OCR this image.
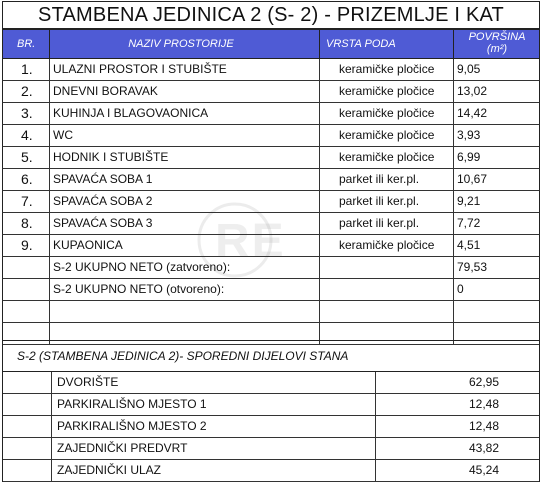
RE
STAMBENA JEDINICA 2 (S- 2) - PRIZEMLJE I KAT
BR.	NAZIV PROSTORIJE	VRSTA PODA
POVRŠINA
(m²)
1. ULAZNI PROSTOR I STUBIŠTE	keramičke pločice 9,05
2. DNEVNI BORAVAK	keramičke pločice 13,02
3. KUHINJA I BLAGOVAONICA	keramičke pločice 14,42
4. WC	keramičke pločice 3,93
5. HODNIK I STUBIŠTE	keramičke pločice 6,99
6. SPAVAĆA SOBA 1	parket ili ker.pl.	10,67
7. SPAVAĆA SOBA 2	parket ili ker.pl.	9,21
8. SPAVAĆA SOBA 3	parket ili ker.pl.	7,72
9. KUPAONICA	keramičke pločice 4,51
S-2 UKUPNO NETO (zatvoreno):	79,53
S-2 UKUPNO NETO (otvoreno):	0
S-2 (STAMBENA JEDINICA 2)- SPOREDNI DIJELOVI STANA
DVORIŠTE	62,95
PARKIRALIŠNO MJESTO 1	12,48
PARKIRALIŠNO MJESTO 2	12,48
ZAJEDNIČKI PREDVRT	43,82
ZAJEDNIČKI ULAZ	45,24
